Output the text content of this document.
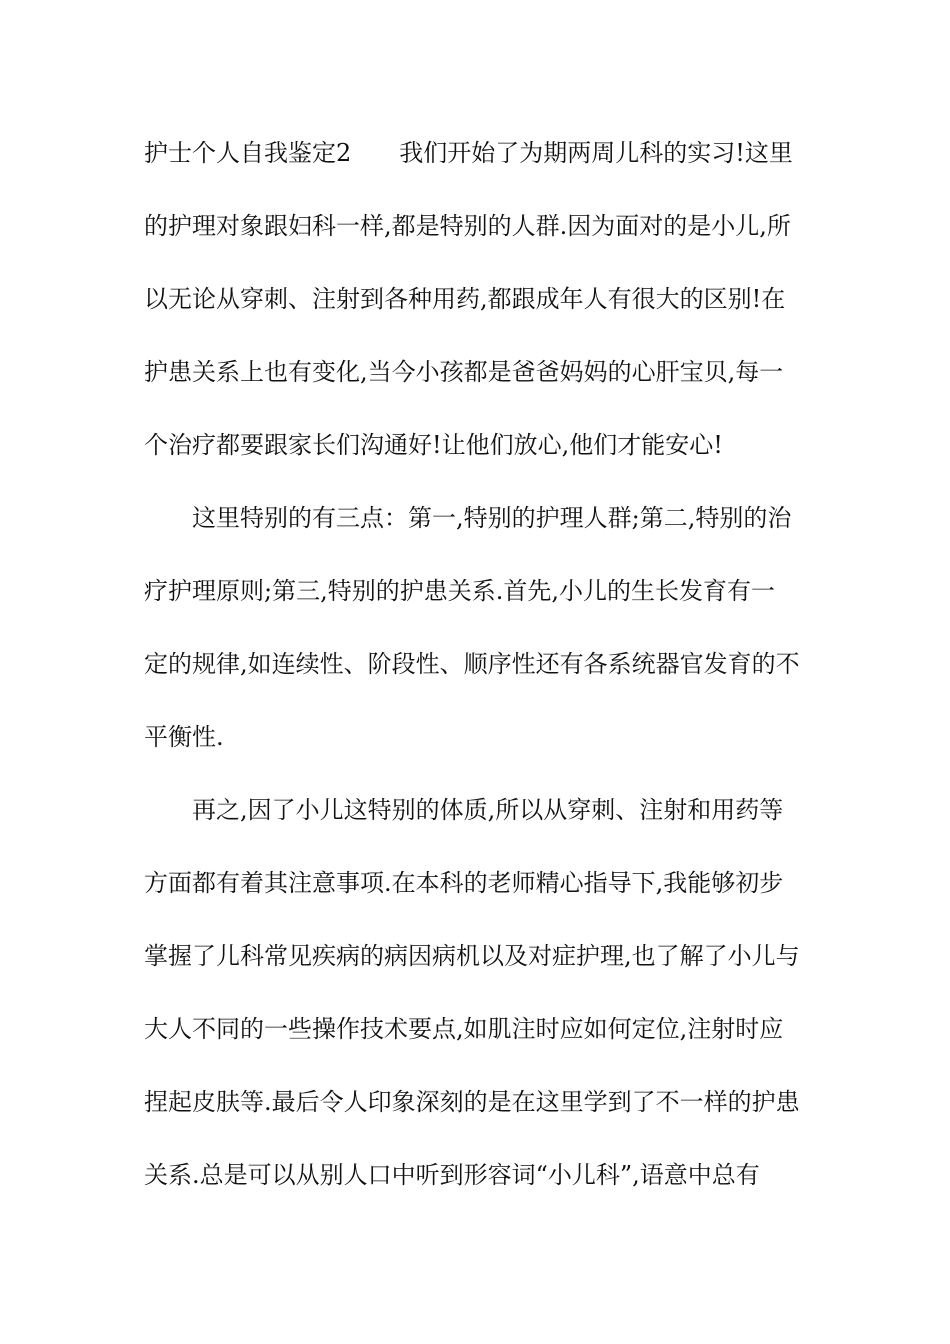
护士个人自我鉴定2　　我们开始了为期两周儿科的实习!这里
的护理对象跟妇科一样,都是特别的人群.因为面对的是小儿,所
以无论从穿刺、注射到各种用药,都跟成年人有很大的区别!在
护患关系上也有变化,当今小孩都是爸爸妈妈的心肝宝贝,每一
个治疗都要跟家长们沟通好!让他们放心,他们才能安心!
这里特别的有三点：第一,特别的护理人群;第二,特别的治
疗护理原则;第三,特别的护患关系.首先,小儿的生长发育有一
定的规律,如连续性、阶段性、顺序性还有各系统器官发育的不
平衡性.
再之,因了小儿这特别的体质,所以从穿刺、注射和用药等
方面都有着其注意事项.在本科的老师精心指导下,我能够初步
掌握了儿科常见疾病的病因病机以及对症护理,也了解了小儿与
大人不同的一些操作技术要点,如肌注时应如何定位,注射时应
捏起皮肤等.最后令人印象深刻的是在这里学到了不一样的护患
关系.总是可以从别人口中听到形容词“小儿科”,语意中总有
